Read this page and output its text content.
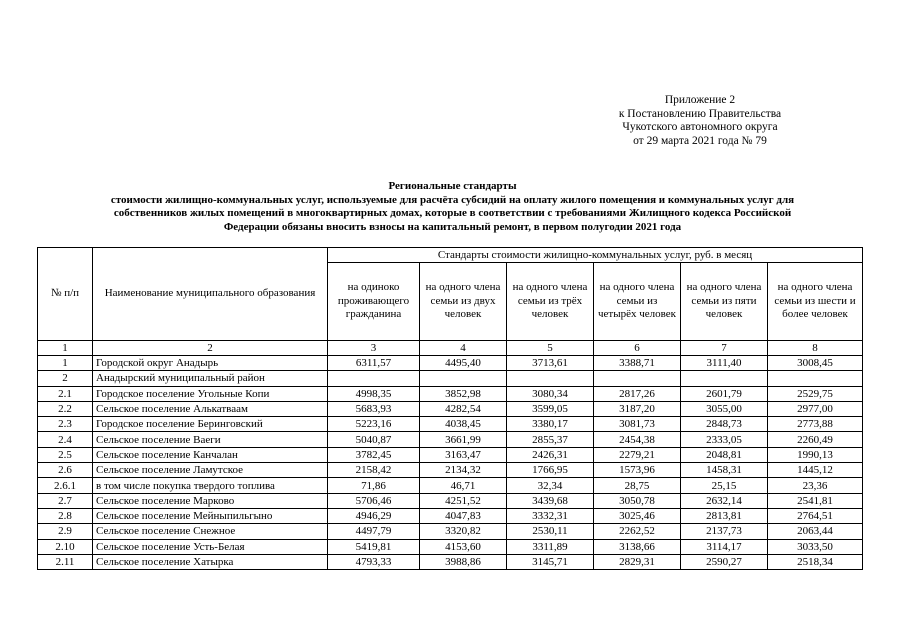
Приложение 2
к Постановлению Правительства
Чукотского автономного округа
от 29 марта 2021 года № 79
Региональные стандарты
стоимости жилищно-коммунальных услуг, используемые для расчёта субсидий на оплату жилого помещения и коммунальных услуг для
собственников жилых помещений в многоквартирных домах, которые в соответствии с требованиями Жилищного кодекса Российской
Федерации обязаны вносить взносы на капитальный ремонт, в первом полугодии 2021 года
№ п/п	Наименование муниципального образования	Стандарты стоимости жилищно-коммунальных услуг, руб. в месяц					
		на одиноко проживающего гражданина	на одного члена семьи из двух человек	на одного члена семьи из трёх человек	на одного члена семьи из четырёх человек	на одного члена семьи из пяти человек	на одного члена семьи из шести и более человек
1	2	3	4	5	6	7	8
1	Городской округ Анадырь	6311,57	4495,40	3713,61	3388,71	3111,40	3008,45
2	Анадырский муниципальный район						
2.1	Городское поселение Угольные Копи	4998,35	3852,98	3080,34	2817,26	2601,79	2529,75
2.2	Сельское поселение Алькатваам	5683,93	4282,54	3599,05	3187,20	3055,00	2977,00
2.3	Городское поселение Беринговский	5223,16	4038,45	3380,17	3081,73	2848,73	2773,88
2.4	Сельское поселение Ваеги	5040,87	3661,99	2855,37	2454,38	2333,05	2260,49
2.5	Сельское поселение Канчалан	3782,45	3163,47	2426,31	2279,21	2048,81	1990,13
2.6	Сельское поселение Ламутское	2158,42	2134,32	1766,95	1573,96	1458,31	1445,12
2.6.1	в том числе покупка твердого топлива	71,86	46,71	32,34	28,75	25,15	23,36
2.7	Сельское поселение Марково	5706,46	4251,52	3439,68	3050,78	2632,14	2541,81
2.8	Сельское поселение Мейныпильгыно	4946,29	4047,83	3332,31	3025,46	2813,81	2764,51
2.9	Сельское поселение Снежное	4497,79	3320,82	2530,11	2262,52	2137,73	2063,44
2.10	Сельское поселение Усть-Белая	5419,81	4153,60	3311,89	3138,66	3114,17	3033,50
2.11	Сельское поселение Хатырка	4793,33	3988,86	3145,71	2829,31	2590,27	2518,34
